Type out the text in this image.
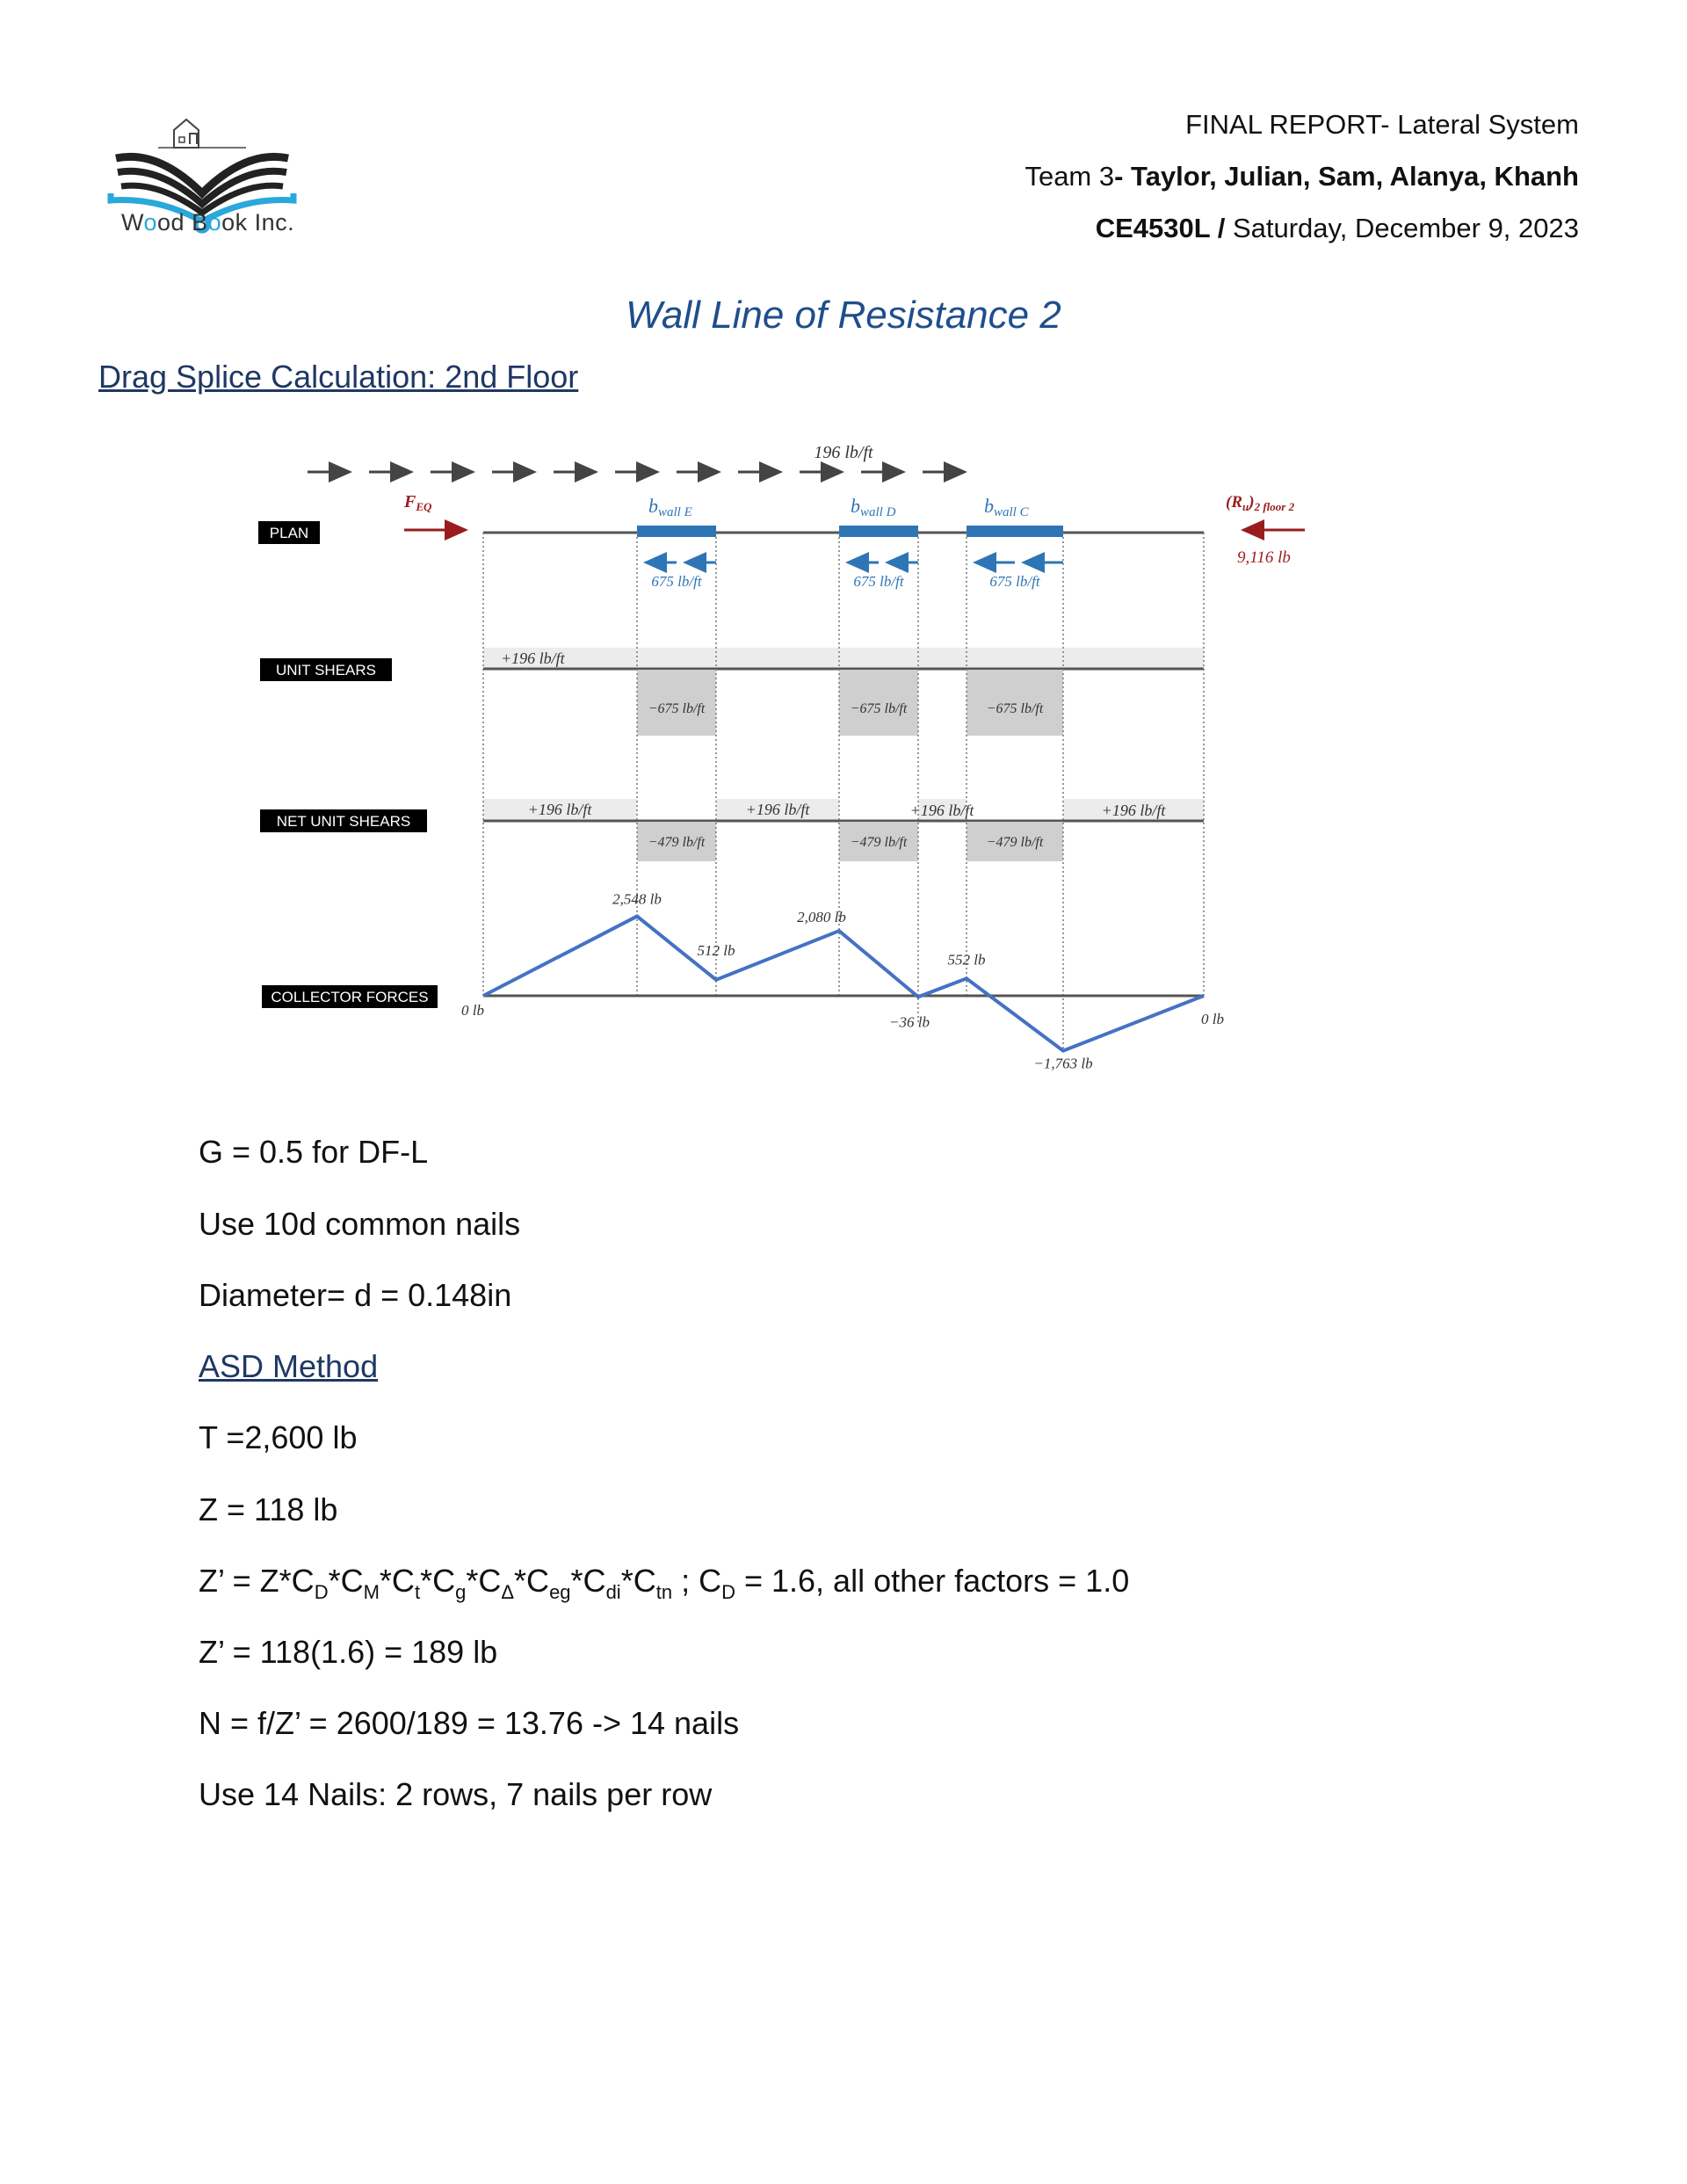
Wood Book Inc.
FINAL REPORT- Lateral System
Team 3- Taylor, Julian, Sam, Alanya, Khanh
CE4530L / Saturday, December 9, 2023
Wall Line of Resistance 2
Drag Splice Calculation: 2nd Floor
PLAN
UNIT SHEARS
NET UNIT SHEARS
COLLECTOR FORCES
196 lb/ft
$F_{EQ}$	$(R_u)_{2 floor 2}$
9,116 lb
bwall E
675 lb/ft
bwall D
675 lb/ft
bwall C
675 lb/ft
+196 lb/ft
−675 lb/ft	−675 lb/ft	−675 lb/ft
+196 lb/ft	+196 lb/ft	+196 lb/ft	+196 lb/ft
−479 lb/ft	−479 lb/ft	−479 lb/ft
0 lb
2,548 lb
512 lb
2,080 lb
−36 lb
552 lb
−1,763 lb
0 lb
G = 0.5 for DF-L
Use 10d common nails
Diameter= d = 0.148in
ASD Method
T =2,600 lb
Z = 118 lb
Z’ = $Z*C_D*C_M*C_t*C_g*C_\Delta*C_{eg}*C_{di}*C_{tn}$ ; $C_D = 1.6$, all other factors = 1.0
Z’ = 118(1.6) = 189 lb
N = f/Z’ = 2600/189 = 13.76 -> 14 nails
Use 14 Nails: 2 rows, 7 nails per row
